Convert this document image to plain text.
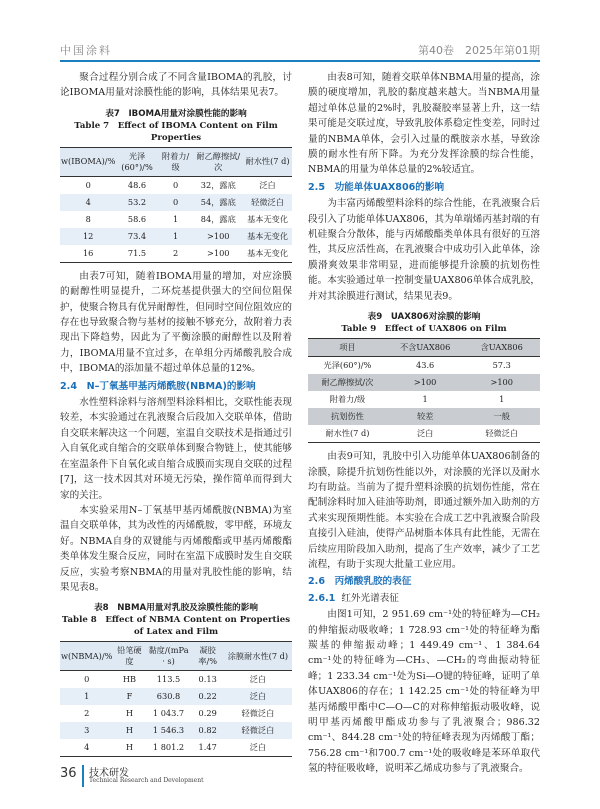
中国涂料	第40卷　2025年第01期
聚合过程分别合成了不同含量IBOMA的乳胶，讨论IBOMA用量对涂膜性能的影响，具体结果见表7。
表7　IBOMA用量对涂膜性能的影响
Table 7　Effect of IBOMA Content on Film Properties
w(IBOMA)/%	光泽(60°)/%	附着力/级	耐乙醇擦拭/次	耐水性(7 d)
0	48.6	0	32，露底	泛白
4	53.2	0	54，露底	轻微泛白
8	58.6	1	84，露底	基本无变化
12	73.4	1	>100	基本无变化
16	71.5	2	>100	基本无变化
由表7可知，随着IBOMA用量的增加，对应涂膜的耐醇性明显提升，二环烷基提供强大的空间位阻保护，使聚合物具有优异耐醇性，但同时空间位阻效应的存在也导致聚合物与基材的接触不够充分，故附着力表现出下降趋势，因此为了平衡涂膜的耐醇性以及附着力，IBOMA用量不宜过多，在单组分丙烯酸乳胶合成中，IBOMA的添加量不超过单体总量的12%。
2.4　N–丁氧基甲基丙烯酰胺(NBMA)的影响
水性塑料涂料与溶剂型料涂料相比，交联性能表现较差，本实验通过在乳液聚合后段加入交联单体，借助自交联来解决这一个问题，室温自交联技术是指通过引入自氧化或自缩合的交联单体到聚合物链上，使其能够在室温条件下自氧化或自缩合成膜而实现自交联的过程[7]，这一技术因其对环境无污染，操作简单而得到大家的关注。
本实验采用N–丁氧基甲基丙烯酰胺(NBMA)为室温自交联单体，其为改性的丙烯酰胺，零甲醛，环境友好。NBMA自身的双键能与丙烯酸酯或甲基丙烯酸酯类单体发生聚合反应，同时在室温下成膜时发生自交联反应，实验考察NBMA的用量对乳胶性能的影响，结果见表8。
表8　NBMA用量对乳胶及涂膜性能的影响
Table 8　Effect of NBMA Content on Properties of Latex and Film
w(NBMA)/%	铅笔硬度	黏度/(mPa · s)	凝胶率/%	涂膜耐水性(7 d)
0	HB	113.5	0.13	泛白
1	F	630.8	0.22	泛白
2	H	1 043.7	0.29	轻微泛白
3	H	1 546.3	0.82	轻微泛白
4	H	1 801.2	1.47	泛白
由表8可知，随着交联单体NBMA用量的提高，涂膜的硬度增加，乳胶的黏度越来越大。当NBMA用量超过单体总量的2%时，乳胶凝胶率显著上升，这一结果可能是交联过度，导致乳胶体系稳定性变差，同时过量的NBMA单体，会引入过量的酰胺亲水基，导致涂膜的耐水性有所下降。为充分发挥涂膜的综合性能，NBMA的用量为单体总量的2%较适宜。
2.5　功能单体UAX806的影响
为丰富丙烯酸塑料涂料的综合性能，在乳液聚合后段引入了功能单体UAX806，其为单端烯丙基封端的有机硅聚合分散体，能与丙烯酸酯类单体具有很好的互溶性，其反应活性高，在乳液聚合中成功引入此单体，涂膜滑爽效果非常明显，进而能够提升涂膜的抗划伤性能。本实验通过单一控制变量UAX806单体合成乳胶，并对其涂膜进行测试，结果见表9。
表9　UAX806对涂膜的影响
Table 9　Effect of UAX806 on Film
项目	不含UAX806	含UAX806
光泽(60°)/%	43.6	57.3
耐乙醇擦拭/次	>100	>100
附着力/级	1	1
抗划伤性	较差	一般
耐水性(7 d)	泛白	轻微泛白
由表9可知，乳胶中引入功能单体UAX806制备的涂膜，除提升抗划伤性能以外，对涂膜的光泽以及耐水均有助益。当前为了提升塑料涂膜的抗划伤性能，常在配制涂料时加入硅油等助剂，即通过额外加入助剂的方式来实现预期性能。本实验在合成工艺中乳液聚合阶段直接引入硅油，使得产品树脂本体具有此性能，无需在后续应用阶段加入助剂，提高了生产效率，减少了工艺流程，有助于实现大批量工业应用。
2.6　丙烯酸乳胶的表征
2.6.1 红外光谱表征
由图1可知，2 951.69 cm⁻¹处的特征峰为—CH₂的伸缩振动吸收峰；1 728.93 cm⁻¹处的特征峰为酯羰基的伸缩振动峰；1 449.49 cm⁻¹、1 384.64 cm⁻¹处的特征峰为—CH₃、—CH₂的弯曲振动特征峰；1 233.34 cm⁻¹处为Si—O键的特征峰，证明了单体UAX806的存在；1 142.25 cm⁻¹处的特征峰为甲基丙烯酸甲酯中C—O—C的对称伸缩振动吸收峰，说明甲基丙烯酸甲酯成功参与了乳液聚合；986.32 cm⁻¹、844.28 cm⁻¹处的特征峰表现为丙烯酸丁酯；756.28 cm⁻¹和700.7 cm⁻¹处的吸收峰是苯环单取代氢的特征吸收峰，说明苯乙烯成功参与了乳液聚合。
36 技术研发
Technical Research and Development
